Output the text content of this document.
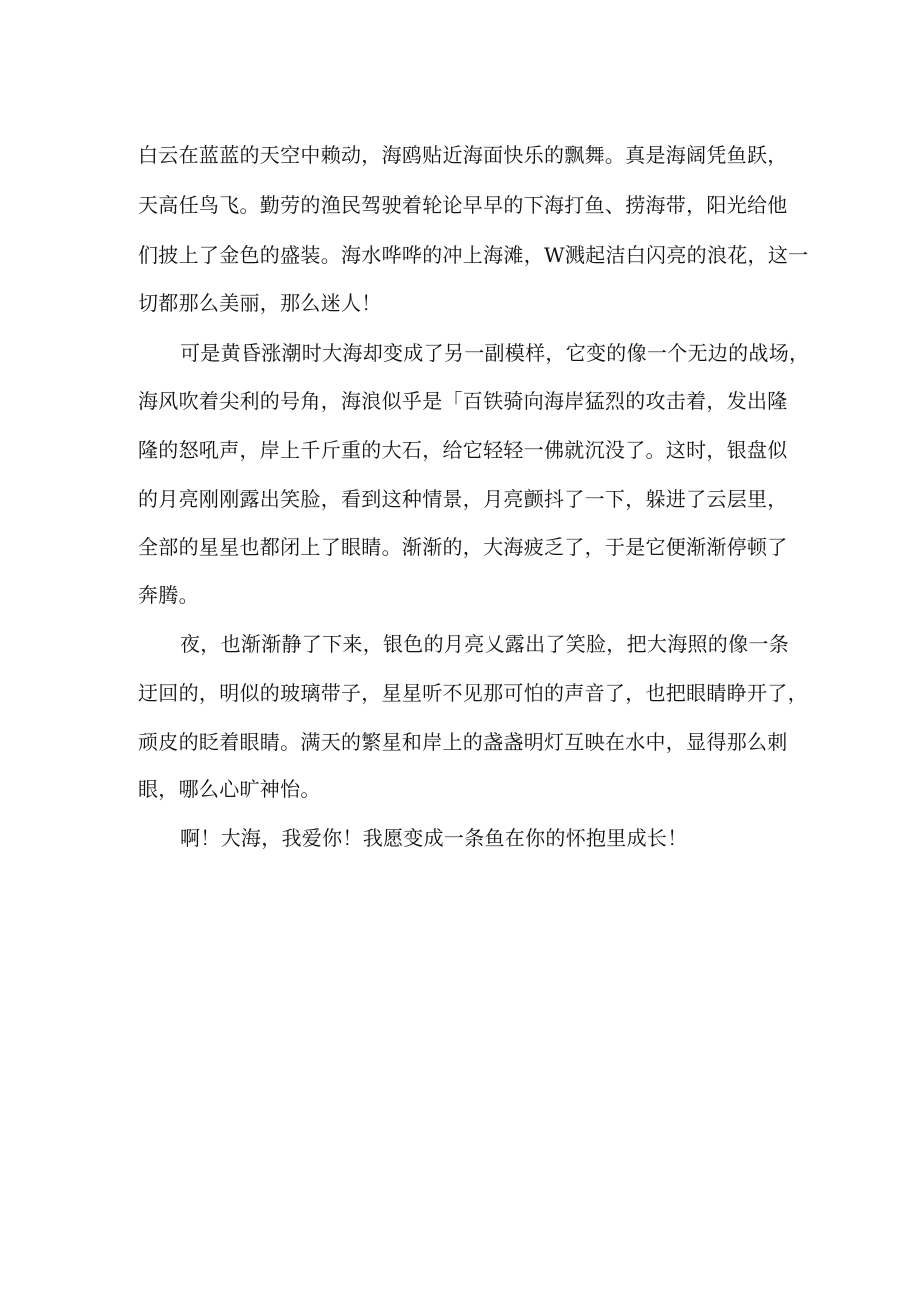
白云在蓝蓝的天空中赖动，海鸥贴近海面快乐的飘舞。真是海阔凭鱼跃，
天高任鸟飞。勤劳的渔民驾驶着轮论早早的下海打鱼、捞海带，阳光给他
们披上了金色的盛装。海水哗哗的冲上海滩，W溅起洁白闪亮的浪花，这一
切都那么美丽，那么迷人！
可是黄昏涨潮时大海却变成了另一副模样，它变的像一个无边的战场，
海风吹着尖利的号角，海浪似乎是「百铁骑向海岸猛烈的攻击着，发出隆
隆的怒吼声，岸上千斤重的大石，给它轻轻一佛就沉没了。这时，银盘似
的月亮刚刚露出笑脸，看到这种情景，月亮颤抖了一下，躲进了云层里，
全部的星星也都闭上了眼睛。渐渐的，大海疲乏了，于是它便渐渐停顿了
奔腾。
夜，也渐渐静了下来，银色的月亮乂露出了笑脸，把大海照的像一条
迂回的，明似的玻璃带子，星星听不见那可怕的声音了，也把眼睛睁开了，
顽皮的眨着眼睛。满天的繁星和岸上的盏盏明灯互映在水中，显得那么刺
眼，哪么心旷神怡。
啊！大海，我爱你！我愿变成一条鱼在你的怀抱里成长！
